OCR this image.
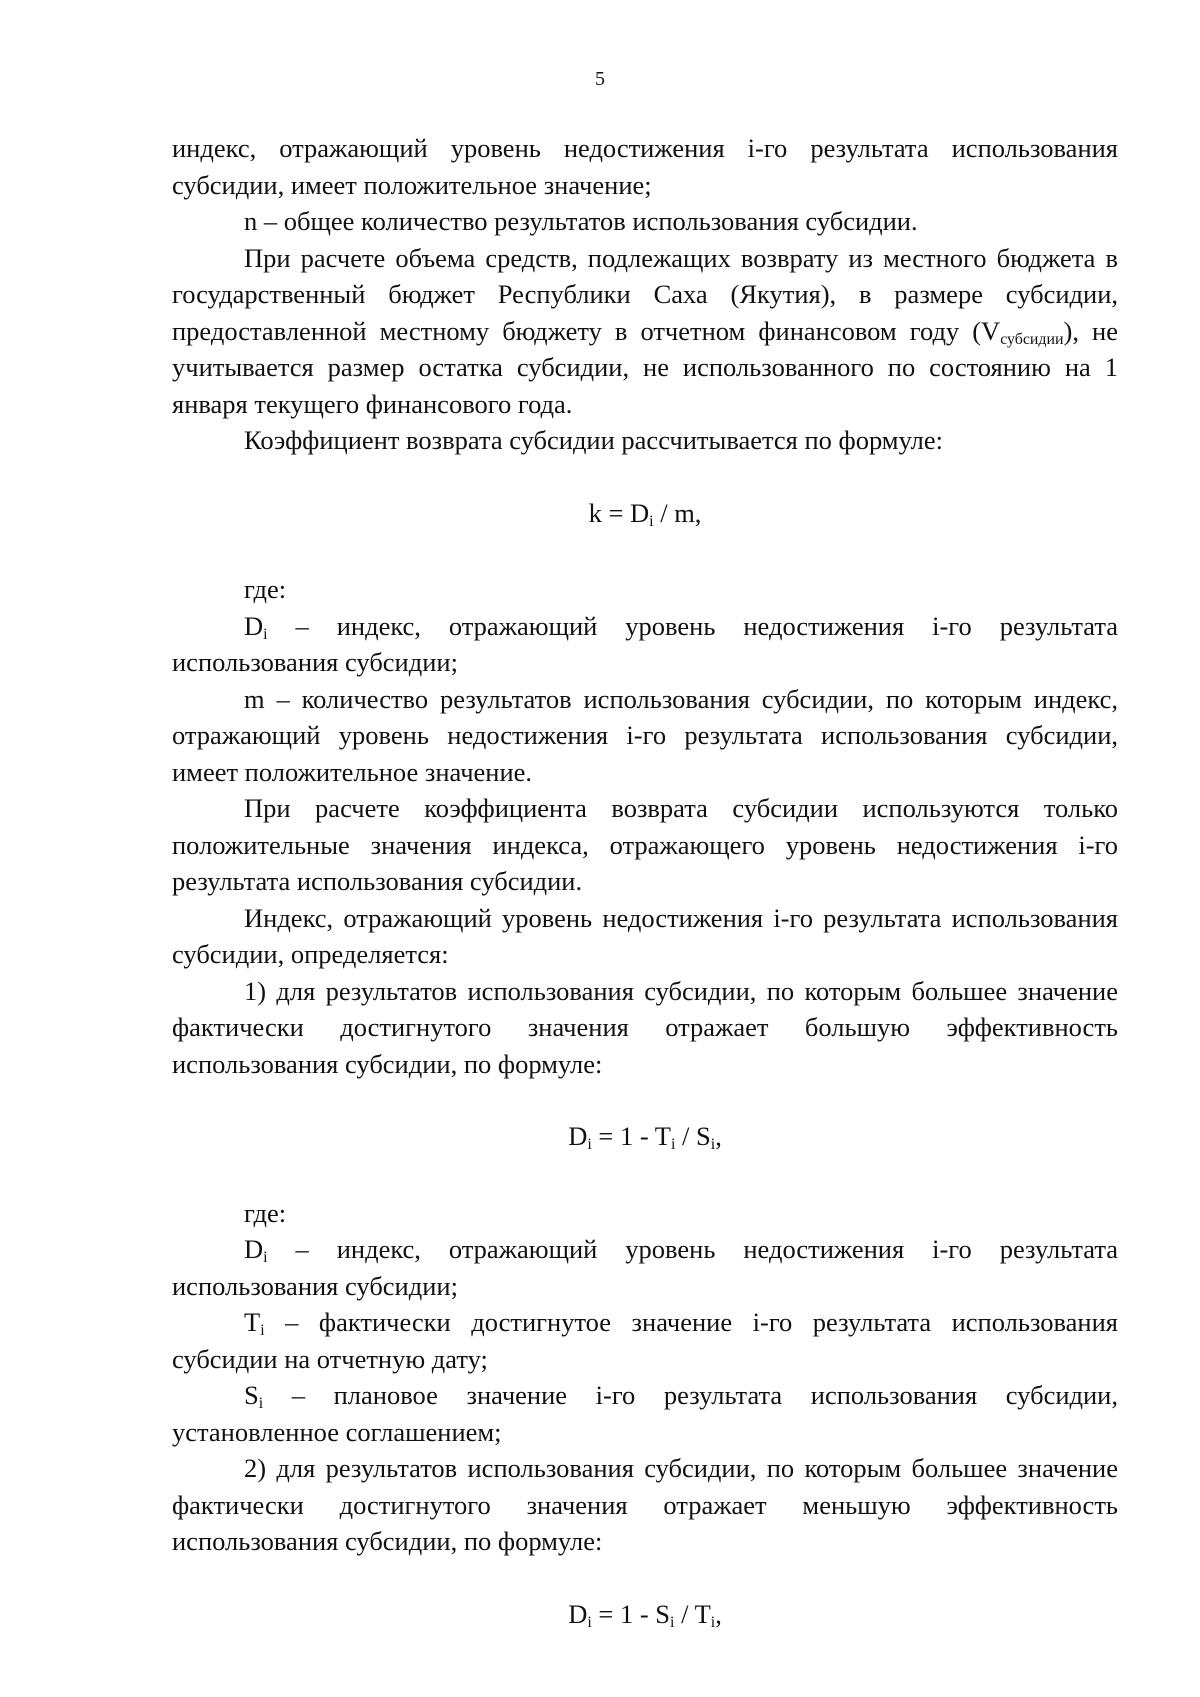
5

индекс, отражающий уровень недостижения i-го результата использования субсидии, имеет положительное значение;

n – общее количество результатов использования субсидии.

При расчете объема средств, подлежащих возврату из местного бюджета в государственный бюджет Республики Саха (Якутия), в размере субсидии, предоставленной местному бюджету в отчетном финансовом году $(V_{субсидии})$, не учитывается размер остатка субсидии, не использованного по состоянию на 1 января текущего финансового года.

Коэффициент возврата субсидии рассчитывается по формуле:

$k = D_i / m$,

где:

$D_i$ – индекс, отражающий уровень недостижения i-го результата использования субсидии;

m – количество результатов использования субсидии, по которым индекс, отражающий уровень недостижения i-го результата использования субсидии, имеет положительное значение.

При расчете коэффициента возврата субсидии используются только положительные значения индекса, отражающего уровень недостижения i-го результата использования субсидии.

Индекс, отражающий уровень недостижения i-го результата использования субсидии, определяется:

1) для результатов использования субсидии, по которым большее значение фактически достигнутого значения отражает большую эффективность использования субсидии, по формуле:

$D_i = 1 - T_i / S_i$,

где:

$D_i$ – индекс, отражающий уровень недостижения i-го результата использования субсидии;

$T_i$ – фактически достигнутое значение i-го результата использования субсидии на отчетную дату;

$S_i$ – плановое значение i-го результата использования субсидии, установленное соглашением;

2) для результатов использования субсидии, по которым большее значение фактически достигнутого значения отражает меньшую эффективность использования субсидии, по формуле:

$D_i = 1 - S_i / T_i$,
